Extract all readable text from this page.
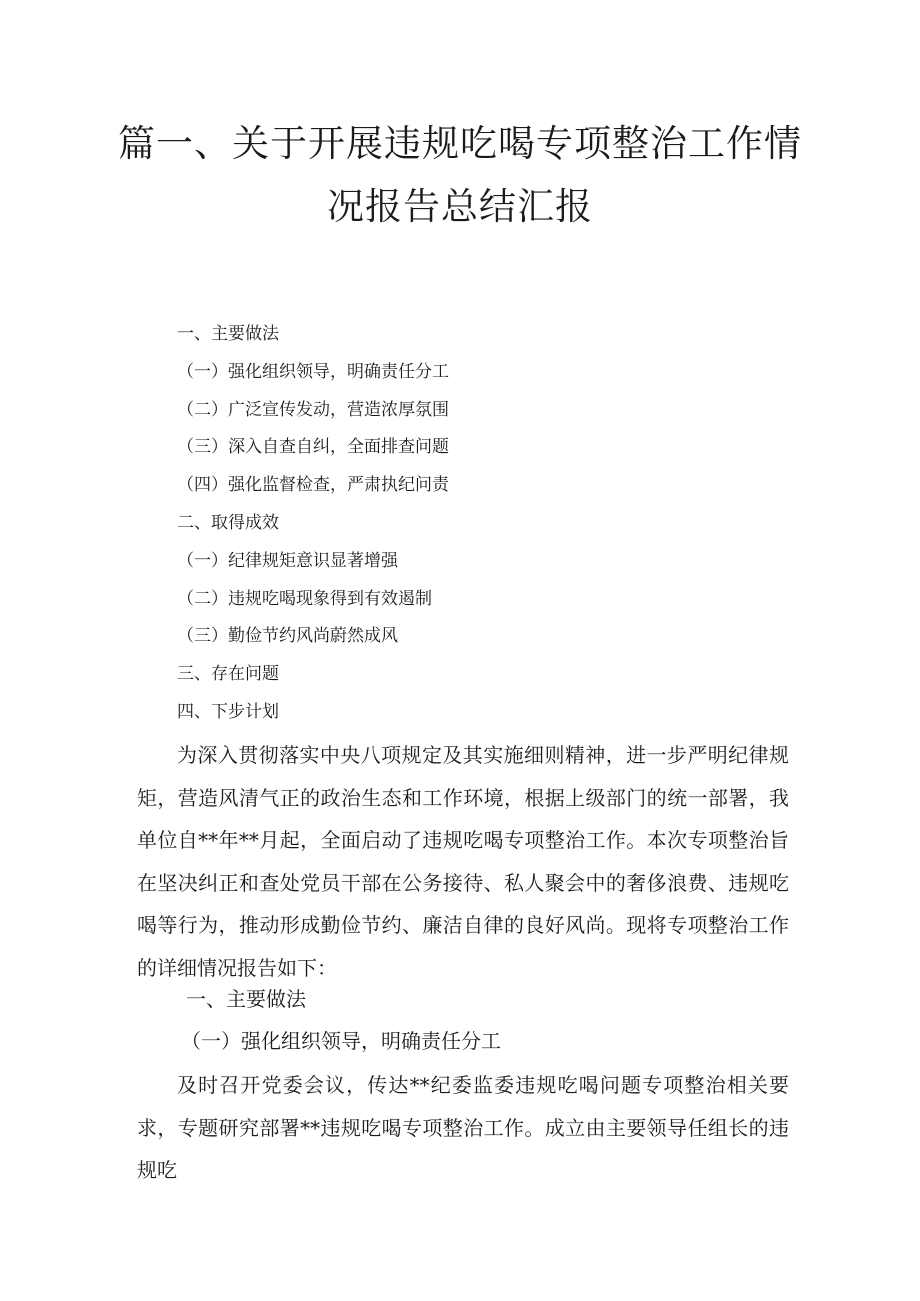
篇一、关于开展违规吃喝专项整治工作情
况报告总结汇报
一、主要做法
（一）强化组织领导，明确责任分工
（二）广泛宣传发动，营造浓厚氛围
（三）深入自查自纠，全面排查问题
（四）强化监督检查，严肃执纪问责
二、取得成效
（一）纪律规矩意识显著增强
（二）违规吃喝现象得到有效遏制
（三）勤俭节约风尚蔚然成风
三、存在问题
四、下步计划

为深入贯彻落实中央八项规定及其实施细则精神，进一步严明纪律规矩，营造风清气正的政治生态和工作环境，根据上级部门的统一部署，我单位自**年**月起，全面启动了违规吃喝专项整治工作。本次专项整治旨在坚决纠正和查处党员干部在公务接待、私人聚会中的奢侈浪费、违规吃喝等行为，推动形成勤俭节约、廉洁自律的良好风尚。现将专项整治工作的详细情况报告如下：

一、主要做法
（一）强化组织领导，明确责任分工

及时召开党委会议，传达**纪委监委违规吃喝问题专项整治相关要求，专题研究部署**违规吃喝专项整治工作。成立由主要领导任组长的违规吃
